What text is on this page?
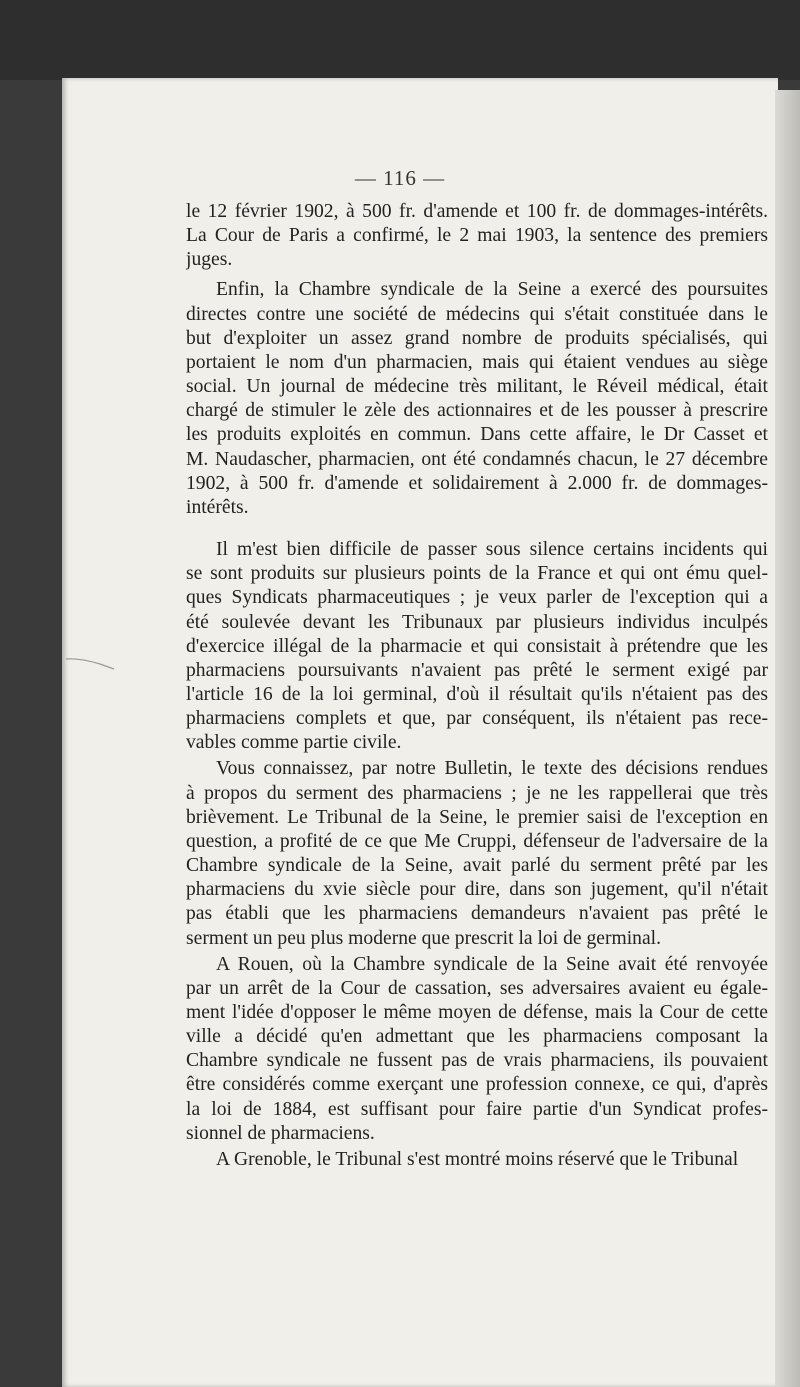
— 116 —

le 12 février 1902, à 500 fr. d'amende et 100 fr. de dommages-intérêts.
La Cour de Paris a confirmé, le 2 mai 1903, la sentence des premiers
juges.

Enfin, la Chambre syndicale de la Seine a exercé des poursuites
directes contre une société de médecins qui s'était constituée dans le
but d'exploiter un assez grand nombre de produits spécialisés, qui
portaient le nom d'un pharmacien, mais qui étaient vendues au siège
social. Un journal de médecine très militant, le Réveil médical, était
chargé de stimuler le zèle des actionnaires et de les pousser à prescrire
les produits exploités en commun. Dans cette affaire, le Dr Casset et
M. Naudascher, pharmacien, ont été condamnés chacun, le 27 décembre
1902, à 500 fr. d'amende et solidairement à 2.000 fr. de dommages-
intérêts.

Il m'est bien difficile de passer sous silence certains incidents qui
se sont produits sur plusieurs points de la France et qui ont ému quel-
ques Syndicats pharmaceutiques ; je veux parler de l'exception qui a
été soulevée devant les Tribunaux par plusieurs individus inculpés
d'exercice illégal de la pharmacie et qui consistait à prétendre que les
pharmaciens poursuivants n'avaient pas prêté le serment exigé par
l'article 16 de la loi germinal, d'où il résultait qu'ils n'étaient pas des
pharmaciens complets et que, par conséquent, ils n'étaient pas rece-
vables comme partie civile.

Vous connaissez, par notre Bulletin, le texte des décisions rendues
à propos du serment des pharmaciens ; je ne les rappellerai que très
brièvement. Le Tribunal de la Seine, le premier saisi de l'exception en
question, a profité de ce que Me Cruppi, défenseur de l'adversaire de la
Chambre syndicale de la Seine, avait parlé du serment prêté par les
pharmaciens du xvie siècle pour dire, dans son jugement, qu'il n'était
pas établi que les pharmaciens demandeurs n'avaient pas prêté le
serment un peu plus moderne que prescrit la loi de germinal.

A Rouen, où la Chambre syndicale de la Seine avait été renvoyée
par un arrêt de la Cour de cassation, ses adversaires avaient eu égale-
ment l'idée d'opposer le même moyen de défense, mais la Cour de cette
ville a décidé qu'en admettant que les pharmaciens composant la
Chambre syndicale ne fussent pas de vrais pharmaciens, ils pouvaient
être considérés comme exerçant une profession connexe, ce qui, d'après
la loi de 1884, est suffisant pour faire partie d'un Syndicat profes-
sionnel de pharmaciens.

A Grenoble, le Tribunal s'est montré moins réservé que le Tribunal
